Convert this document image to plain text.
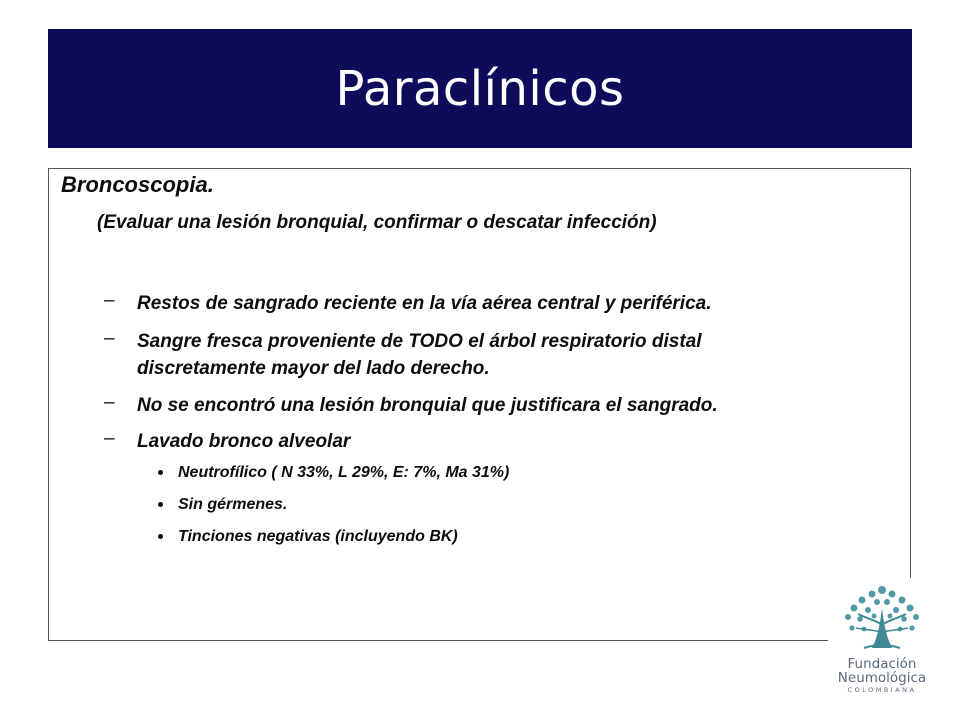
Paraclínicos
Broncoscopia.
(Evaluar una lesión bronquial, confirmar o descatar infección)
– Restos de sangrado reciente en la vía aérea central y periférica.
– Sangre fresca proveniente de TODO el árbol respiratorio distal
discretamente mayor del lado derecho.
– No se encontró una lesión bronquial que justificara el sangrado.
– Lavado bronco alveolar
Neutrofílico ( N 33%, L 29%, E: 7%, Ma 31%)
Sin gérmenes.
Tinciones negativas (incluyendo BK)
Fundación
Neumológica
COLOMBIANA
